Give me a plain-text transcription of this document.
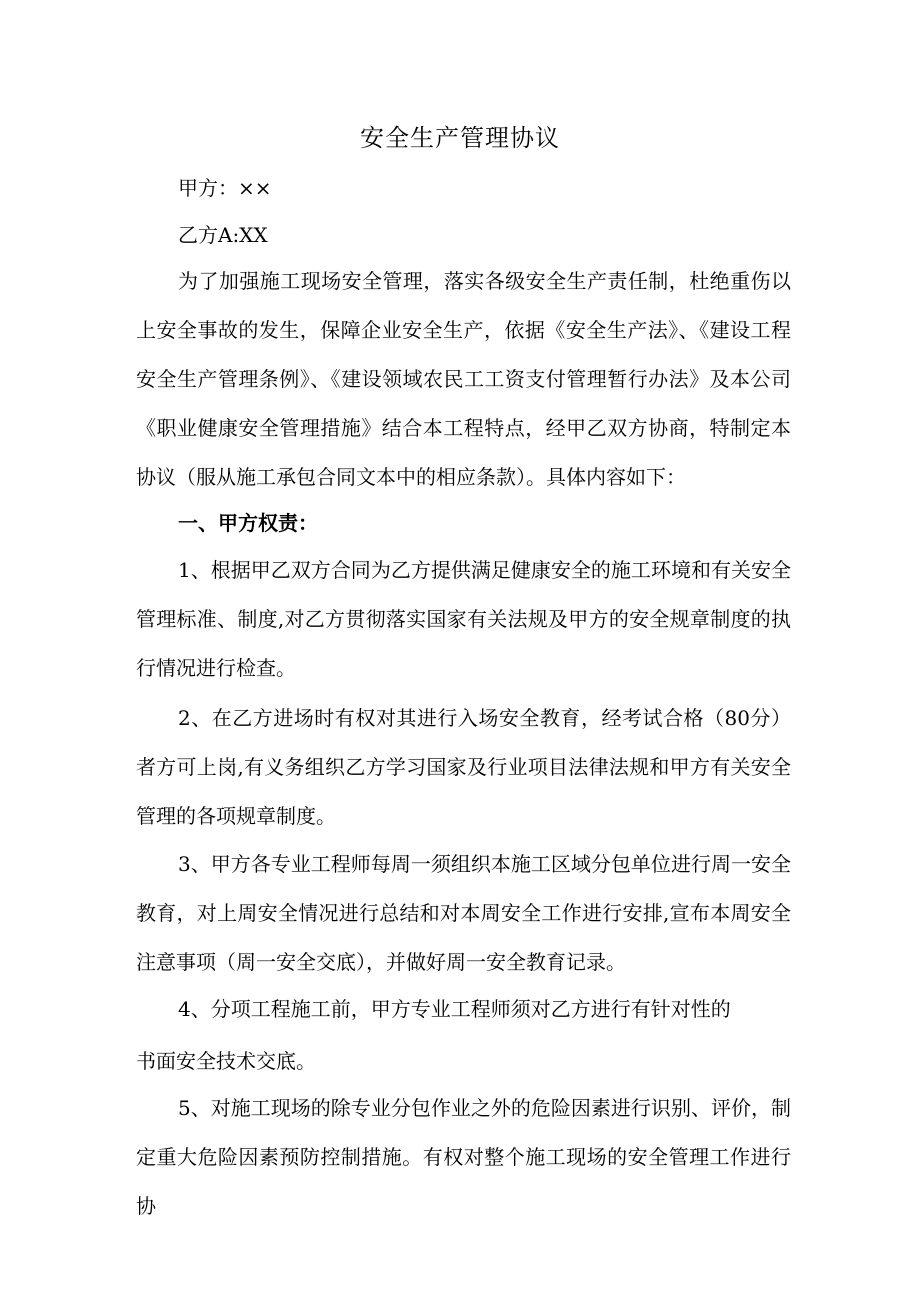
安全生产管理协议
甲方：××
乙方A:XX

为了加强施工现场安全管理，落实各级安全生产责任制，杜绝重伤以上安全事故的发生，保障企业安全生产，依据《安全生产法》、《建设工程安全生产管理条例》、《建设领域农民工工资支付管理暂行办法》及本公司《职业健康安全管理措施》结合本工程特点，经甲乙双方协商，特制定本协议（服从施工承包合同文本中的相应条款）。具体内容如下：

一、甲方权责：

1、根据甲乙双方合同为乙方提供满足健康安全的施工环境和有关安全管理标准、制度,对乙方贯彻落实国家有关法规及甲方的安全规章制度的执行情况进行检查。

2、在乙方进场时有权对其进行入场安全教育，经考试合格（80分）者方可上岗,有义务组织乙方学习国家及行业项目法律法规和甲方有关安全管理的各项规章制度。

3、甲方各专业工程师每周一须组织本施工区域分包单位进行周一安全教育，对上周安全情况进行总结和对本周安全工作进行安排,宣布本周安全注意事项（周一安全交底），并做好周一安全教育记录。

4、分项工程施工前，甲方专业工程师须对乙方进行有针对性的
书面安全技术交底。

5、对施工现场的除专业分包作业之外的危险因素进行识别、评价，制定重大危险因素预防控制措施。有权对整个施工现场的安全管理工作进行协
